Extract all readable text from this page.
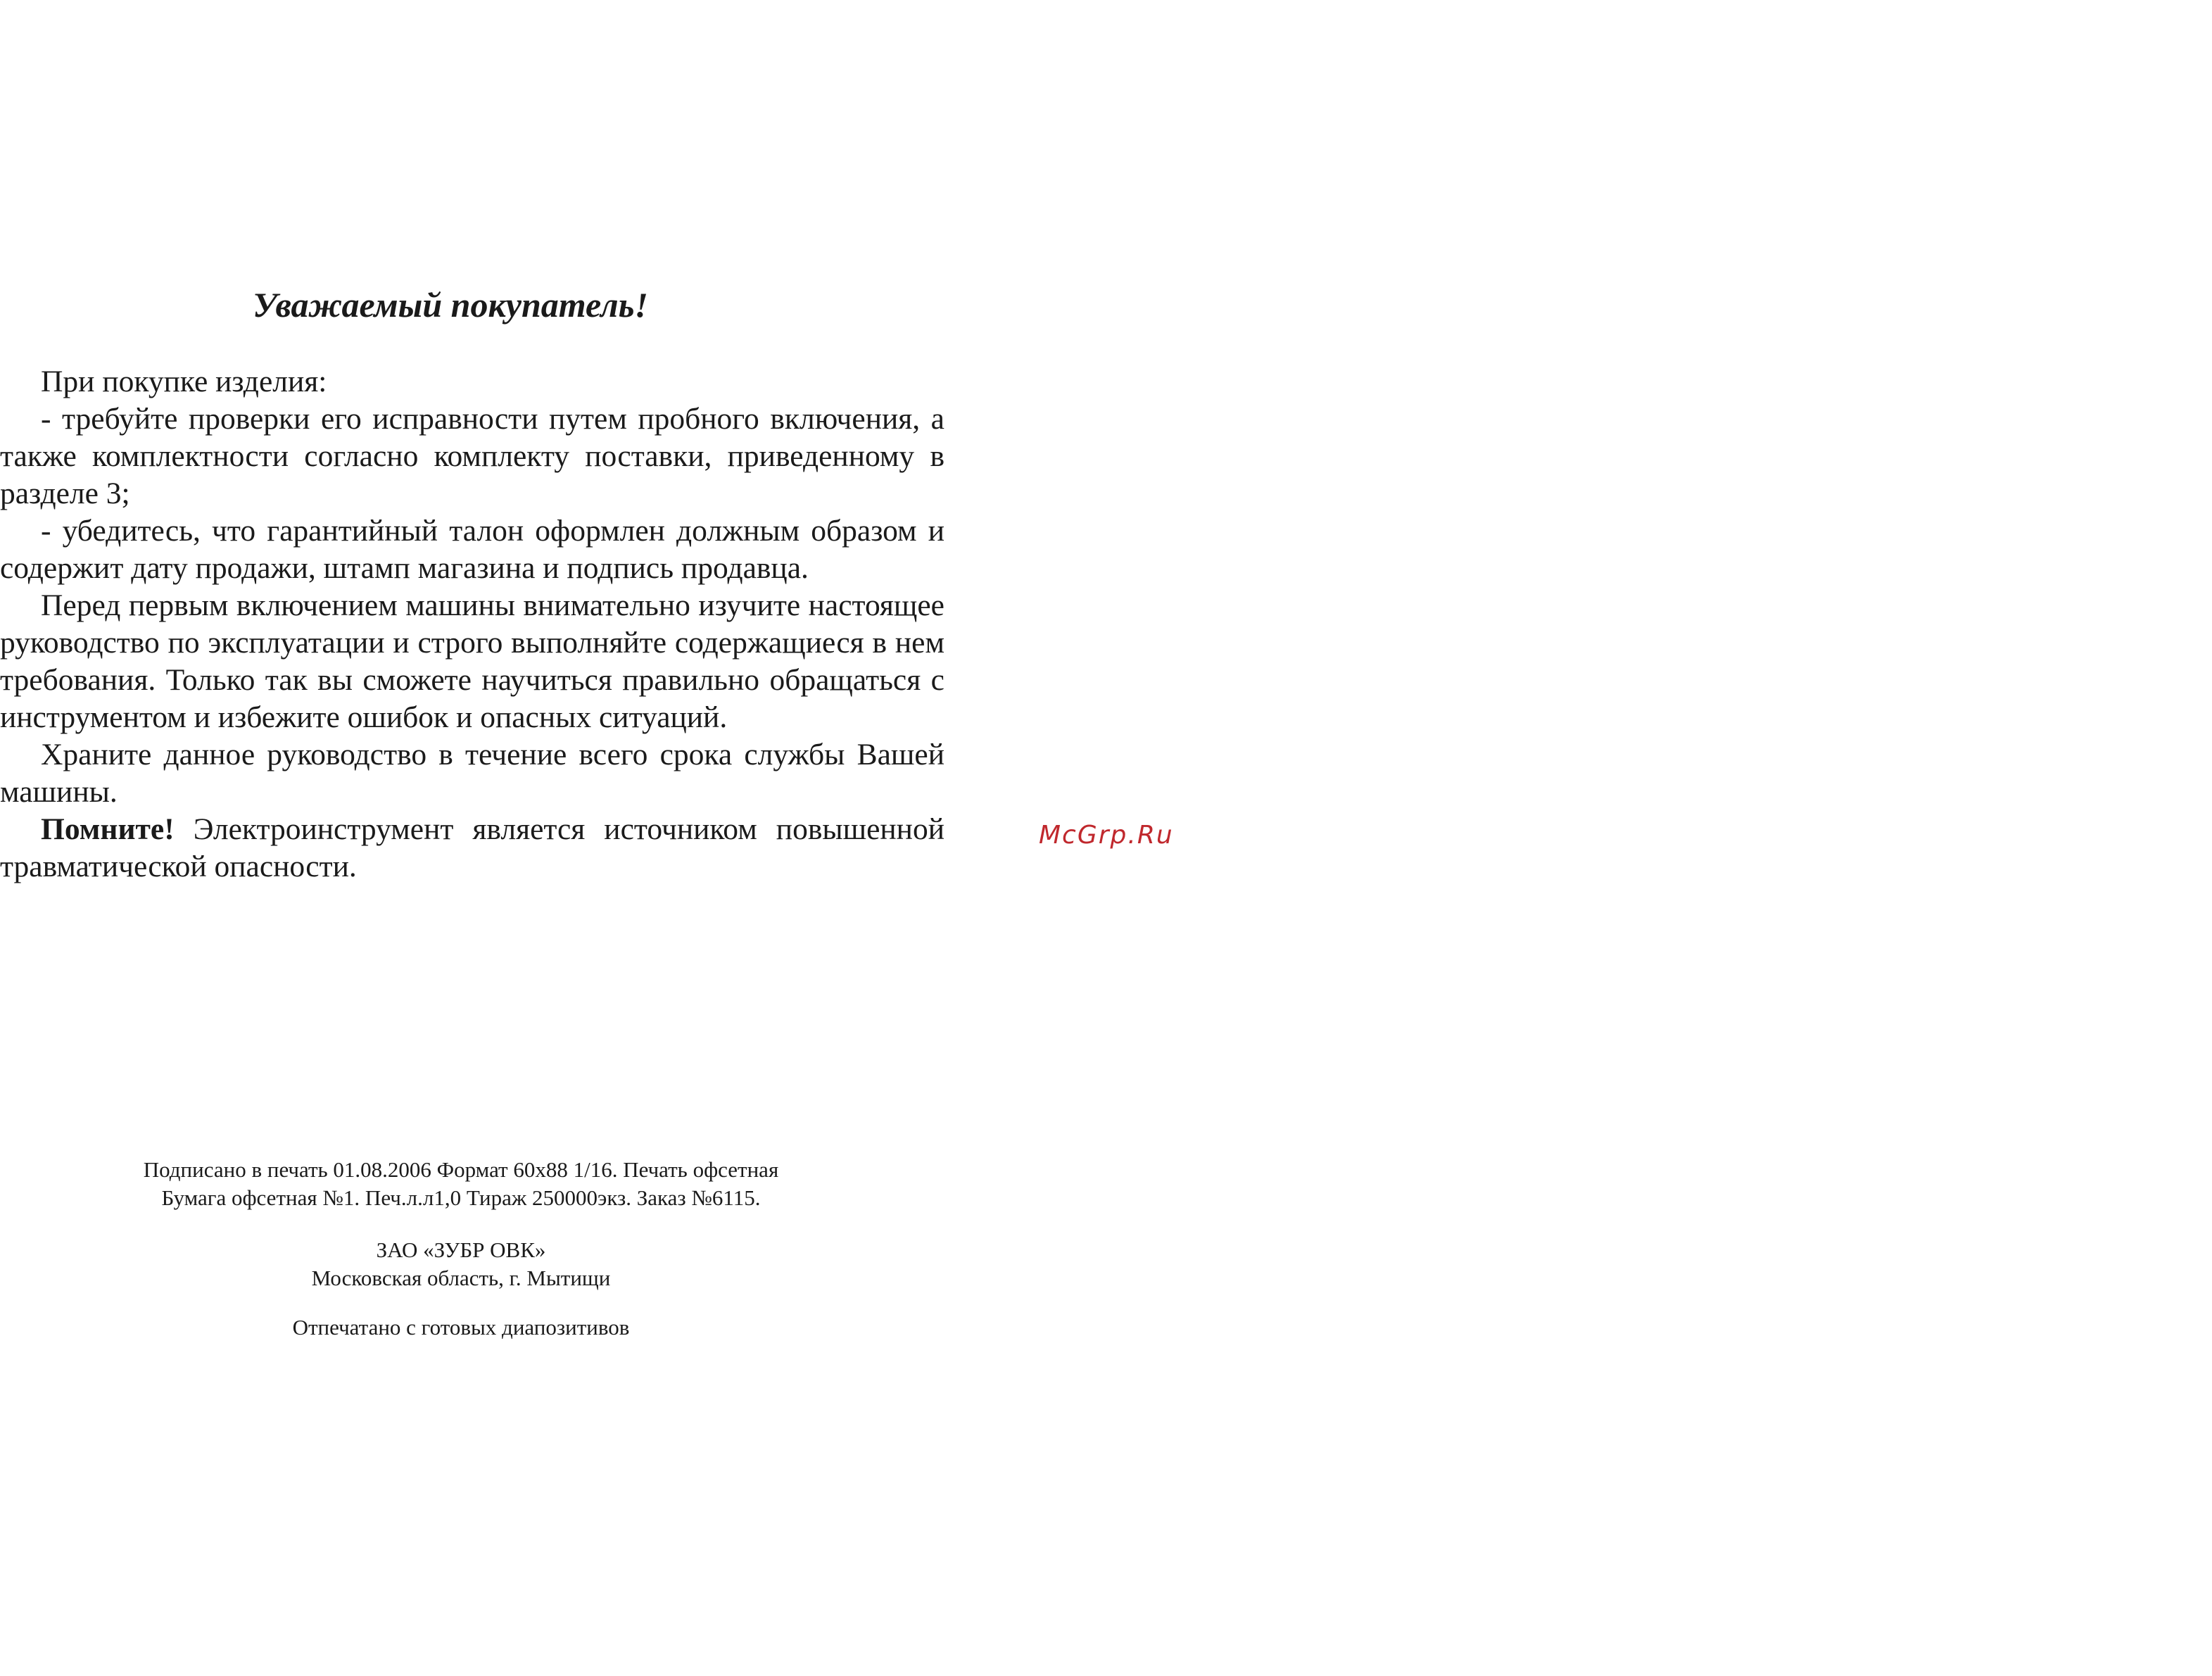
Уважаемый покупатель!

При покупке изделия:

- требуйте проверки его исправности путем пробного включения, а также комплектности согласно комплекту поставки, приведенному в разделе 3;

- убедитесь, что гарантийный талон оформлен должным образом и содержит дату продажи, штамп магазина и подпись продавца.

Перед первым включением машины внимательно изучите настоящее руководство по эксплуатации и строго выполняйте содержащиеся в нем требования. Только так вы сможете научиться правильно обращаться с инструментом и избежите ошибок и опасных ситуаций.

Храните данное руководство в течение всего срока службы Вашей машины.

Помните! Электроинструмент является источником повышенной травматической опасности.

Подписано в печать 01.08.2006 Формат 60х88 1/16. Печать офсетная
Бумага офсетная №1. Печ.л.л1,0 Тираж 250000экз. Заказ №6115.
ЗАО «ЗУБР ОВК»
Московская область, г. Мытищи
Отпечатано с готовых диапозитивов
McGrp.Ru
